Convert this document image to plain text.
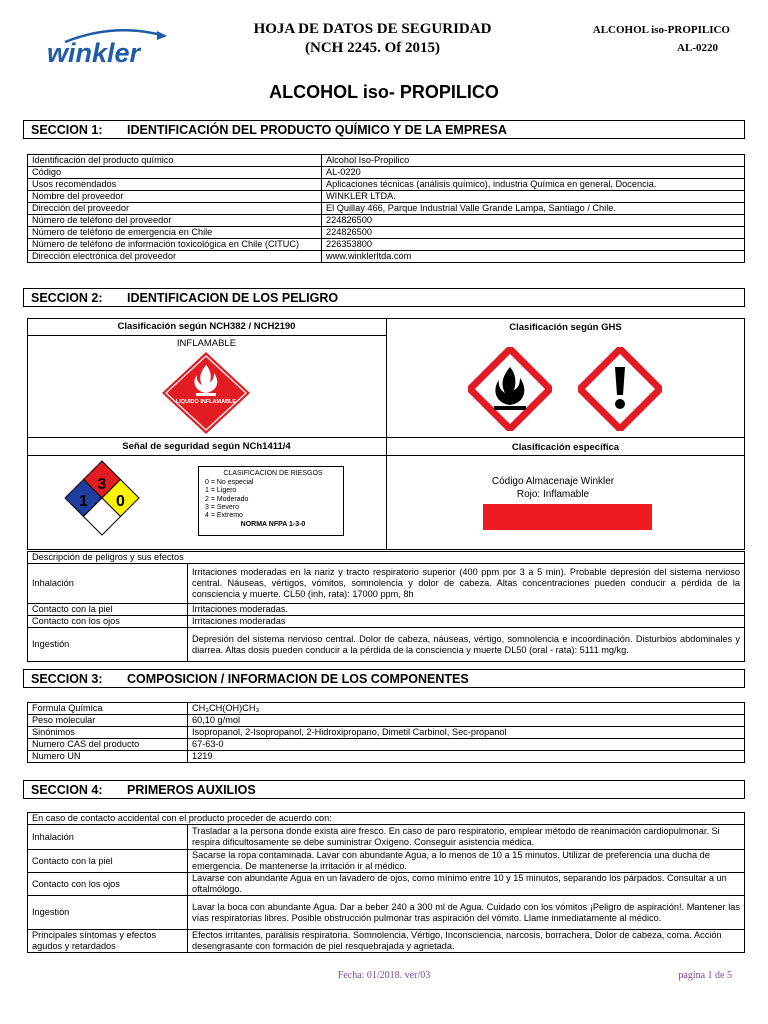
winkler
HOJA DE DATOS DE SEGURIDAD
(NCH 2245. Of 2015)
ALCOHOL iso-PROPILICO
AL-0220
ALCOHOL iso- PROPILICO
SECCION 1: IDENTIFICACIÓN DEL PRODUCTO QUÍMICO Y DE LA EMPRESA
Identificación del producto químico	Alcohol Iso-Propilico
Código	AL-0220
Usos recomendados	Aplicaciones técnicas (análisis químico), industria Química en general, Docencia.
Nombre del proveedor	WINKLER LTDA.
Dirección del proveedor	El Quillay 466, Parque Industrial Valle Grande Lampa, Santiago / Chile.
Número de teléfono del proveedor	224826500
Número de teléfono de emergencia en Chile	224826500
Número de teléfono de información toxicológica en Chile (CITUC)	226353800
Dirección electrónica del proveedor	www.winklerltda.com
SECCION 2: IDENTIFICACION DE LOS PELIGRO
Clasificación según NCH382 / NCH2190
INFLAMABLE
Clasificación según GHS
LIQUIDO INFLAMABLE
Señal de seguridad según NCh1411/4	Clasificación específica
3
1 0
CLASIFICACION DE RIESGOS
0 = No especial
1 = Ligero
2 = Moderado
3 = Severo
4 = Extremo
NORMA NFPA 1-3-0
Código Almacenaje Winkler
Rojo: Inflamable
Descripción de peligros y sus efectos	
Inhalación	Irritaciones moderadas en la nariz y tracto respiratorio superior (400 ppm por 3 a 5 min). Probable depresión del sistema nervioso central. Náuseas, vértigos, vómitos, somnolencia y dolor de cabeza. Altas concentraciones pueden conducir a pérdida de la consciencia y muerte. CL50 (inh, rata): 17000 ppm, 8h
Contacto con la piel	Irritaciones moderadas.
Contacto con los ojos	Irritaciones moderadas
Ingestión	Depresión del sistema nervioso central. Dolor de cabeza, náuseas, vértigo, somnolencia e incoordinación. Disturbios abdominales y diarrea. Altas dosis pueden conducir a la pérdida de la consciencia y muerte DL50 (oral - rata): 5111 mg/kg.
SECCION 3: COMPOSICION / INFORMACION DE LOS COMPONENTES
Formula Química	CH₃CH(OH)CH₃
Peso molecular	60,10 g/mol
Sinónimos	Isopropanol, 2-Isopropanol, 2-Hidroxipropano, Dimetil Carbinol, Sec-propanol
Numero CAS del producto	67-63-0
Numero UN	1219
SECCION 4: PRIMEROS AUXILIOS
En caso de contacto accidental con el producto proceder de acuerdo con:	
Inhalación	Trasladar a la persona donde exista aire fresco. En caso de paro respiratorio, emplear método de reanimación cardiopulmonar. Si respira dificultosamente se debe suministrar Oxígeno. Conseguir asistencia médica.
Contacto con la piel	Sacarse la ropa contaminada. Lavar con abundante Agua, a lo menos de 10 a 15 minutos. Utilizar de preferencia una ducha de emergencia. De mantenerse la irritación ir al médico.
Contacto con los ojos	Lavarse con abundante Agua en un lavadero de ojos, como mínimo entre 10 y 15 minutos, separando los párpados. Consultar a un oftalmólogo.
Ingestión	Lavar la boca con abundante Agua. Dar a beber 240 a 300 ml de Agua. Cuidado con los vómitos ¡Peligro de aspiración!. Mantener las vías respiratorias libres. Posible obstrucción pulmonar tras aspiración del vómito. Llame inmediatamente al médico.
Principales síntomas y efectos agudos y retardados	Efectos irritantes, parálisis respiratoria. Somnolencia, Vértigo, Inconsciencia, narcosis, borrachera, Dolor de cabeza, coma. Acción desengrasante con formación de piel resquebrajada y agrietada.
Fecha: 01/2018. ver/03	pagina 1 de 5
